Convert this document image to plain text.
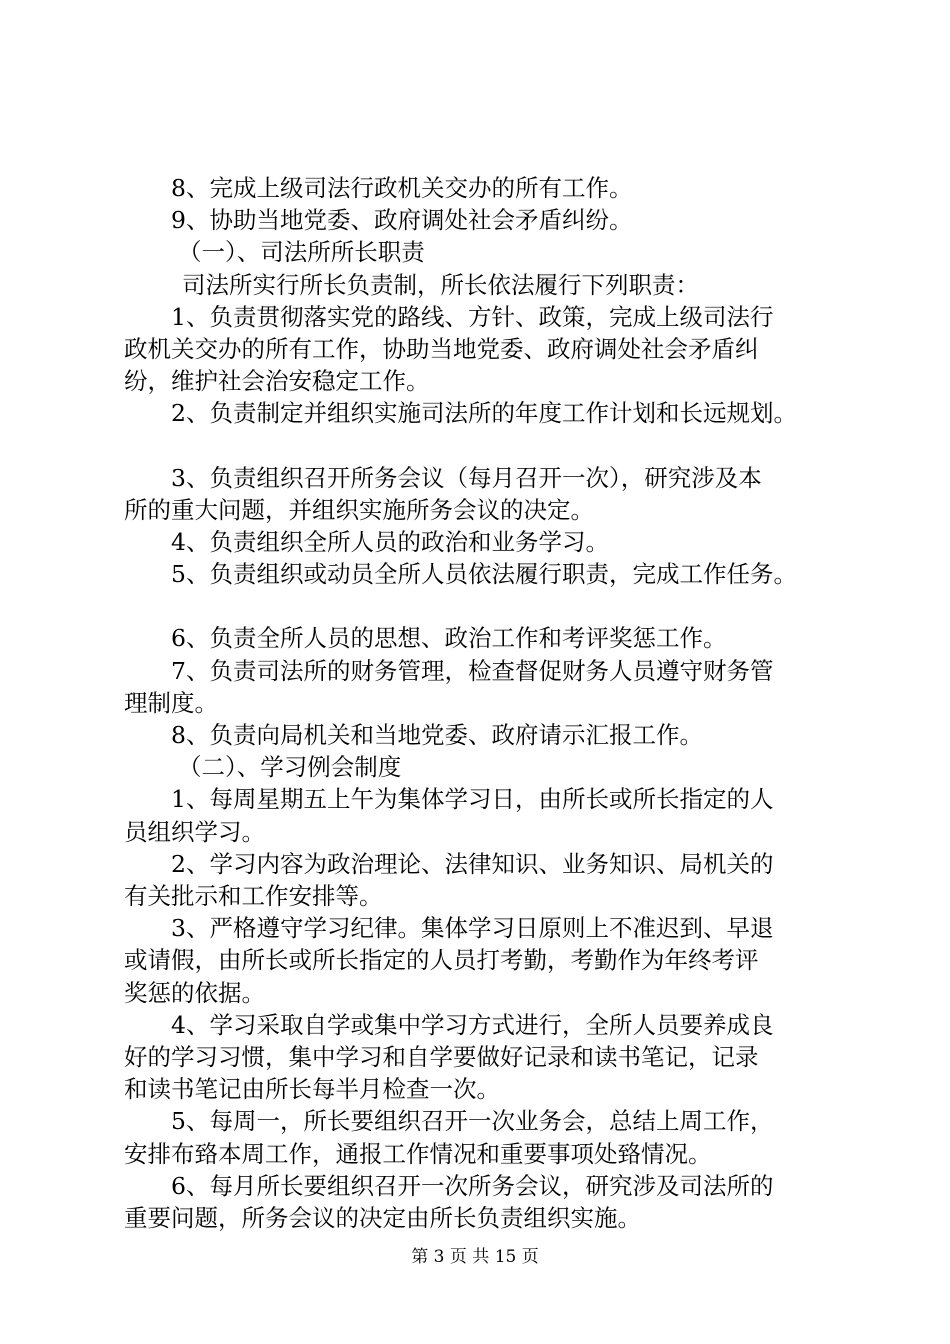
8、完成上级司法行政机关交办的所有工作。
9、协助当地党委、政府调处社会矛盾纠纷。
（一）、司法所所长职责
司法所实行所长负责制，所长依法履行下列职责：
1、负责贯彻落实党的路线、方针、政策，完成上级司法行
政机关交办的所有工作，协助当地党委、政府调处社会矛盾纠
纷，维护社会治安稳定工作。
2、负责制定并组织实施司法所的年度工作计划和长远规划。
3、负责组织召开所务会议（每月召开一次），研究涉及本
所的重大问题，并组织实施所务会议的决定。
4、负责组织全所人员的政治和业务学习。
5、负责组织或动员全所人员依法履行职责，完成工作任务。
6、负责全所人员的思想、政治工作和考评奖惩工作。
7、负责司法所的财务管理，检查督促财务人员遵守财务管
理制度。
8、负责向局机关和当地党委、政府请示汇报工作。
（二）、学习例会制度
1、每周星期五上午为集体学习日，由所长或所长指定的人
员组织学习。
2、学习内容为政治理论、法律知识、业务知识、局机关的
有关批示和工作安排等。
3、严格遵守学习纪律。集体学习日原则上不准迟到、早退
或请假，由所长或所长指定的人员打考勤，考勤作为年终考评
奖惩的依据。
4、学习采取自学或集中学习方式进行，全所人员要养成良
好的学习习惯，集中学习和自学要做好记录和读书笔记，记录
和读书笔记由所长每半月检查一次。
5、每周一，所长要组织召开一次业务会，总结上周工作，
安排布臵本周工作，通报工作情况和重要事项处臵情况。
6、每月所长要组织召开一次所务会议，研究涉及司法所的
重要问题，所务会议的决定由所长负责组织实施。
第 3 页 共 15 页
